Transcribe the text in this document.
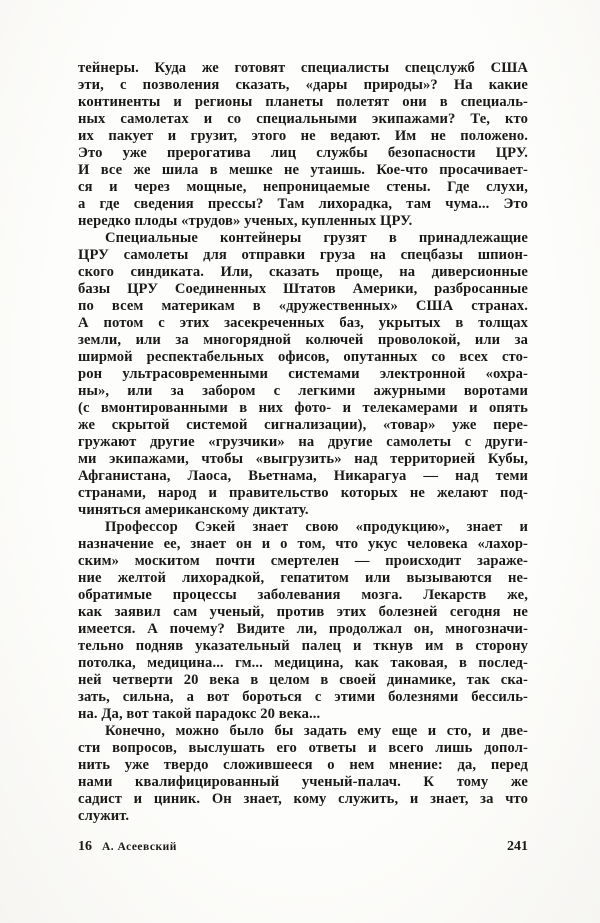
тейнеры. Куда же готовят специалисты спецслужб США
эти, с позволения сказать, «дары природы»? На какие
континенты и регионы планеты полетят они в специаль-
ных самолетах и со специальными экипажами? Те, кто
их пакует и грузит, этого не ведают. Им не положено.
Это уже прерогатива лиц службы безопасности ЦРУ.
И все же шила в мешке не утаишь. Кое-что просачивает-
ся и через мощные, непроницаемые стены. Где слухи,
а где сведения прессы? Там лихорадка, там чума... Это
нередко плоды «трудов» ученых, купленных ЦРУ.
Специальные контейнеры грузят в принадлежащие
ЦРУ самолеты для отправки груза на спецбазы шпион-
ского синдиката. Или, сказать проще, на диверсионные
базы ЦРУ Соединенных Штатов Америки, разбросанные
по всем материкам в «дружественных» США странах.
А потом с этих засекреченных баз, укрытых в толщах
земли, или за многорядной колючей проволокой, или за
ширмой респектабельных офисов, опутанных со всех сто-
рон ультрасовременными системами электронной «охра-
ны», или за забором с легкими ажурными воротами
(с вмонтированными в них фото- и телекамерами и опять
же скрытой системой сигнализации), «товар» уже пере-
гружают другие «грузчики» на другие самолеты с други-
ми экипажами, чтобы «выгрузить» над территорией Кубы,
Афганистана, Лаоса, Вьетнама, Никарагуа — над теми
странами, народ и правительство которых не желают под-
чиняться американскому диктату.
Профессор Сэкей знает свою «продукцию», знает и
назначение ее, знает он и о том, что укус человека «лахор-
ским» москитом почти смертелен — происходит зараже-
ние желтой лихорадкой, гепатитом или вызываются не-
обратимые процессы заболевания мозга. Лекарств же,
как заявил сам ученый, против этих болезней сегодня не
имеется. А почему? Видите ли, продолжал он, многозначи-
тельно подняв указательный палец и ткнув им в сторону
потолка, медицина... гм... медицина, как таковая, в послед-
ней четверти 20 века в целом в своей динамике, так ска-
зать, сильна, а вот бороться с этими болезнями бессиль-
на. Да, вот такой парадокс 20 века...
Конечно, можно было бы задать ему еще и сто, и две-
сти вопросов, выслушать его ответы и всего лишь допол-
нить уже твердо сложившееся о нем мнение: да, перед
нами квалифицированный ученый-палач. К тому же
садист и циник. Он знает, кому служить, и знает, за что
служит.
16 А. Асеевский	241
